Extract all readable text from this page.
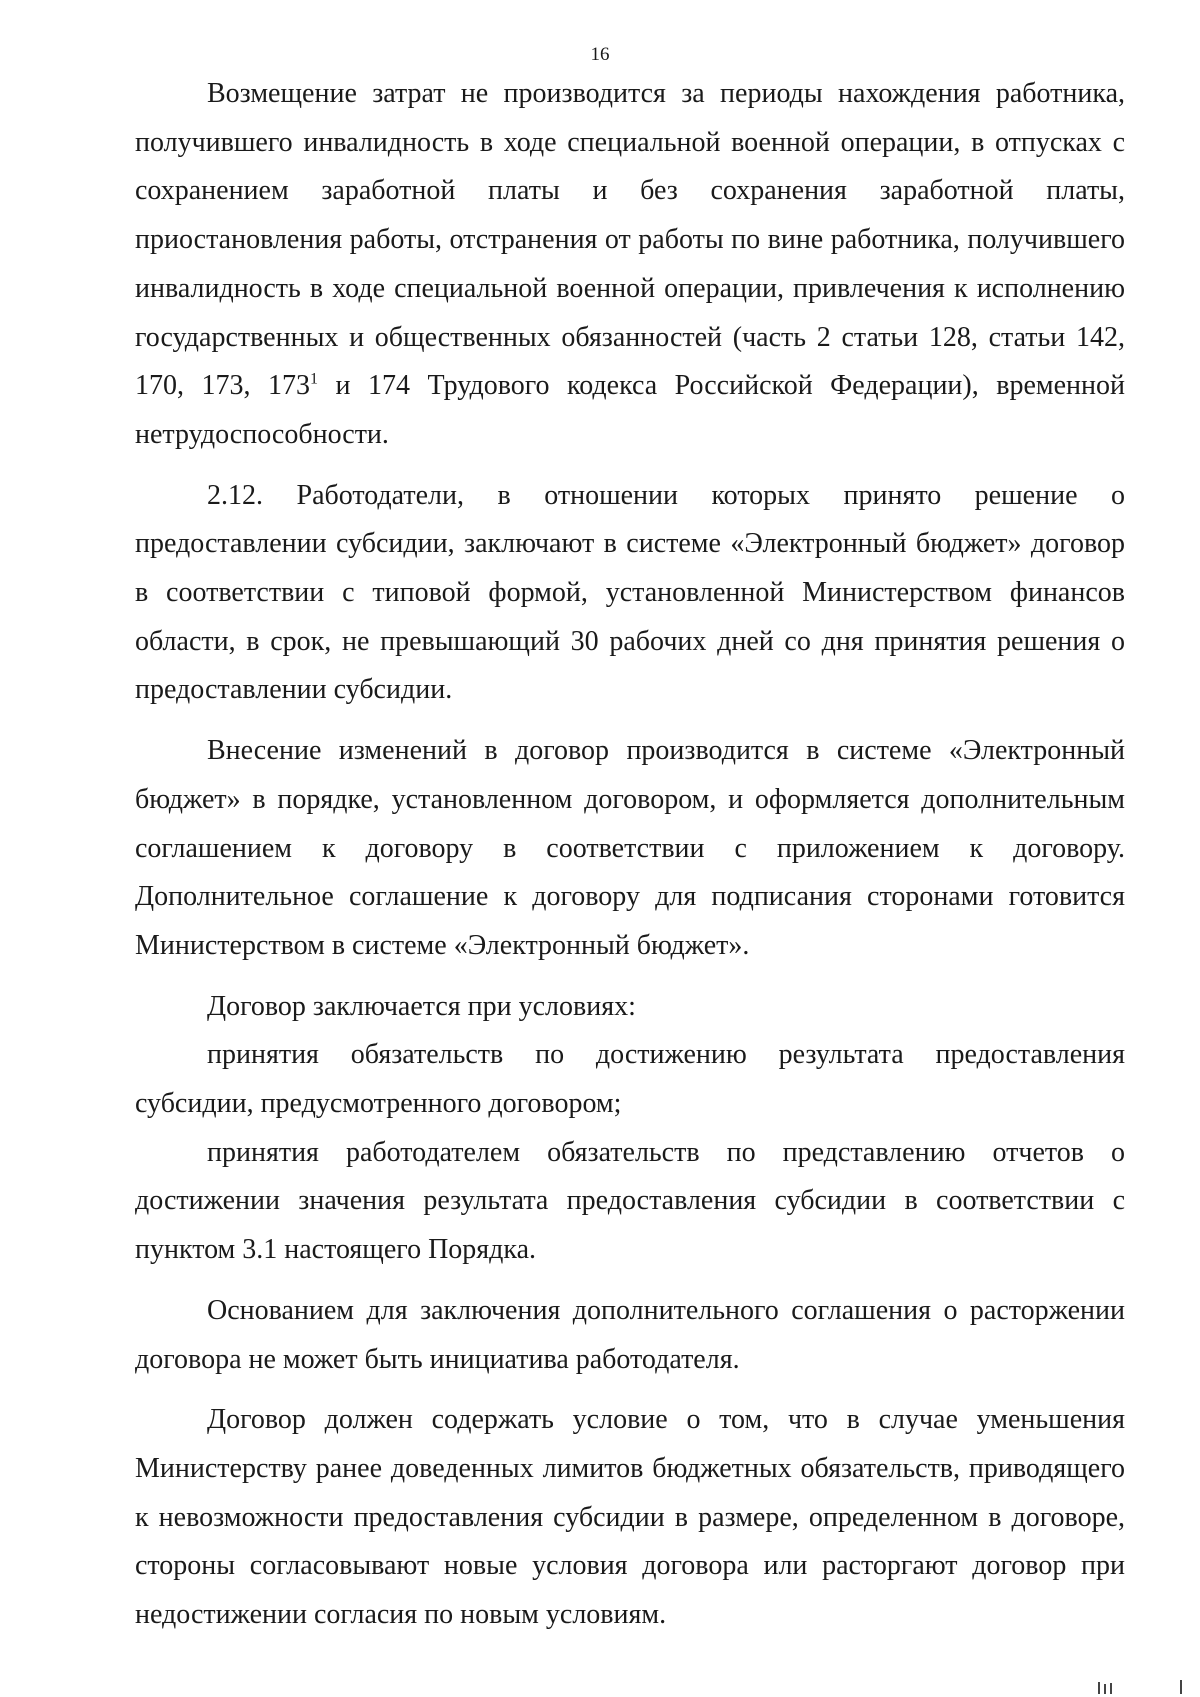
16

Возмещение затрат не производится за периоды нахождения работника, получившего инвалидность в ходе специальной военной операции, в отпусках с сохранением заработной платы и без сохранения заработной платы, приостановления работы, отстранения от работы по вине работника, получившего инвалидность в ходе специальной военной операции, привлечения к исполнению государственных и общественных обязанностей (часть 2 статьи 128, статьи 142, 170, 173, $173^1$ и 174 Трудового кодекса Российской Федерации), временной нетрудоспособности.

2.12. Работодатели, в отношении которых принято решение о предоставлении субсидии, заключают в системе «Электронный бюджет» договор в соответствии с типовой формой, установленной Министерством финансов области, в срок, не превышающий 30 рабочих дней со дня принятия решения о предоставлении субсидии.

Внесение изменений в договор производится в системе «Электронный бюджет» в порядке, установленном договором, и оформляется дополнительным соглашением к договору в соответствии с приложением к договору. Дополнительное соглашение к договору для подписания сторонами готовится Министерством в системе «Электронный бюджет».

Договор заключается при условиях:

принятия обязательств по достижению результата предоставления субсидии, предусмотренного договором;

принятия работодателем обязательств по представлению отчетов о достижении значения результата предоставления субсидии в соответствии с пунктом 3.1 настоящего Порядка.

Основанием для заключения дополнительного соглашения о расторжении договора не может быть инициатива работодателя.

Договор должен содержать условие о том, что в случае уменьшения Министерству ранее доведенных лимитов бюджетных обязательств, приводящего к невозможности предоставления субсидии в размере, определенном в договоре, стороны согласовывают новые условия договора или расторгают договор при недостижении согласия по новым условиям.
